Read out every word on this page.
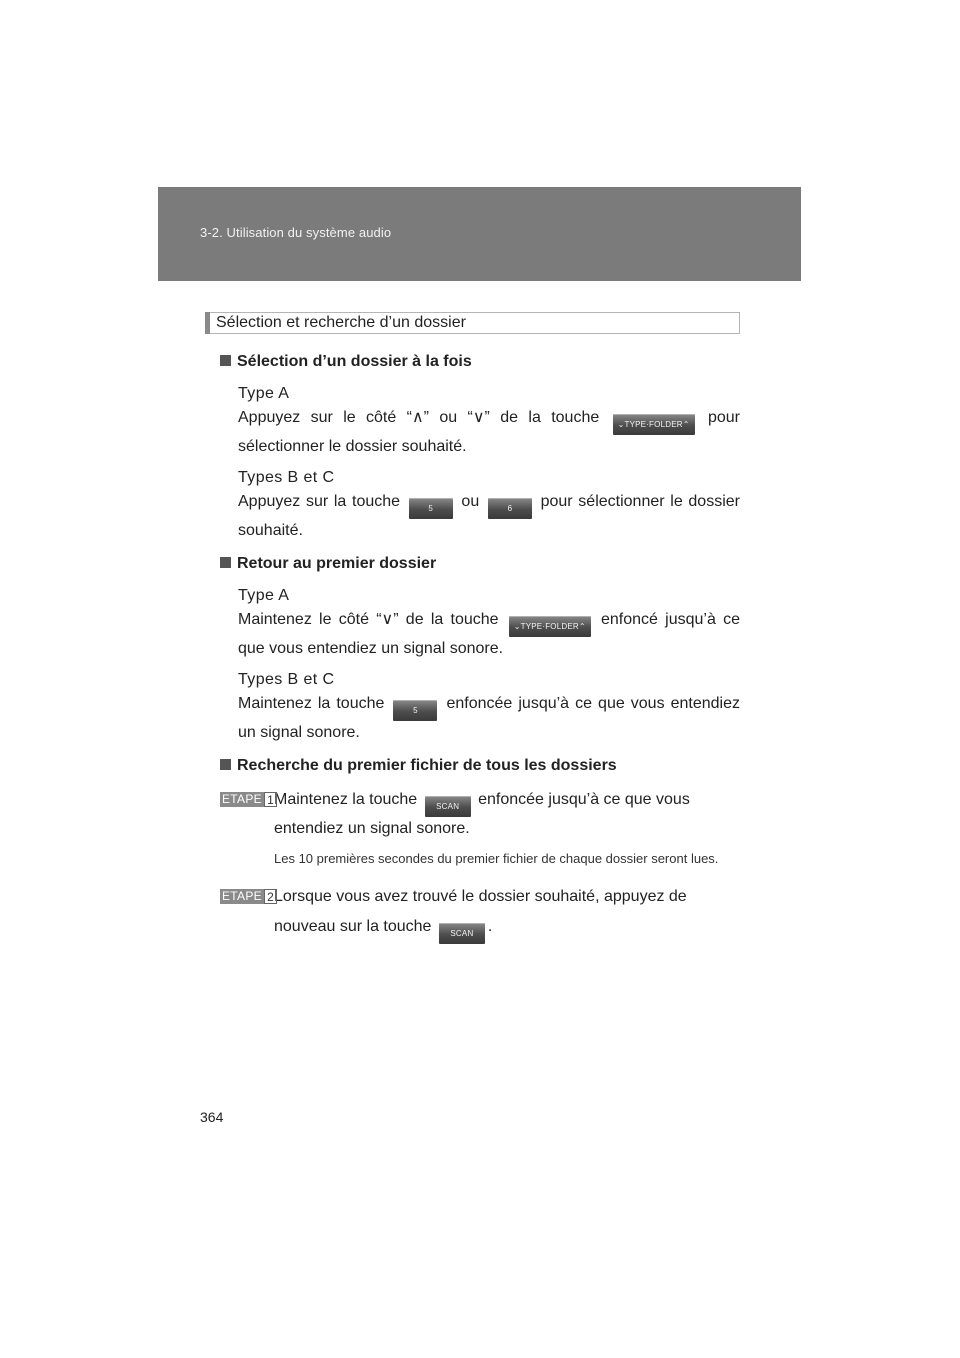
3-2. Utilisation du système audio
Sélection et recherche d’un dossier

Sélection d’un dossier à la fois

Type A

Appuyez sur le côté “∧” ou “∨” de la touche ⌄TYPE·FOLDER⌃ pour sélectionner le dossier souhaité.

Types B et C

Appuyez sur la touche	5 ou	6 pour sélectionner le dossier souhaité.

Retour au premier dossier

Type A

Maintenez le côté “∨” de la touche ⌄TYPE·FOLDER⌃ enfoncé jusqu’à ce que vous entendiez un signal sonore.

Types B et C

Maintenez la touche	5 enfoncée jusqu’à ce que vous entendiez un signal sonore.

Recherche du premier fichier de tous les dossiers

ETAPE 1 Maintenez la touche SCAN enfoncée jusqu’à ce que vous entendiez un signal sonore.

Les 10 premières secondes du premier fichier de chaque dossier seront lues.

ETAPE 2 Lorsque vous avez trouvé le dossier souhaité, appuyez de nouveau sur la touche SCAN .

364
